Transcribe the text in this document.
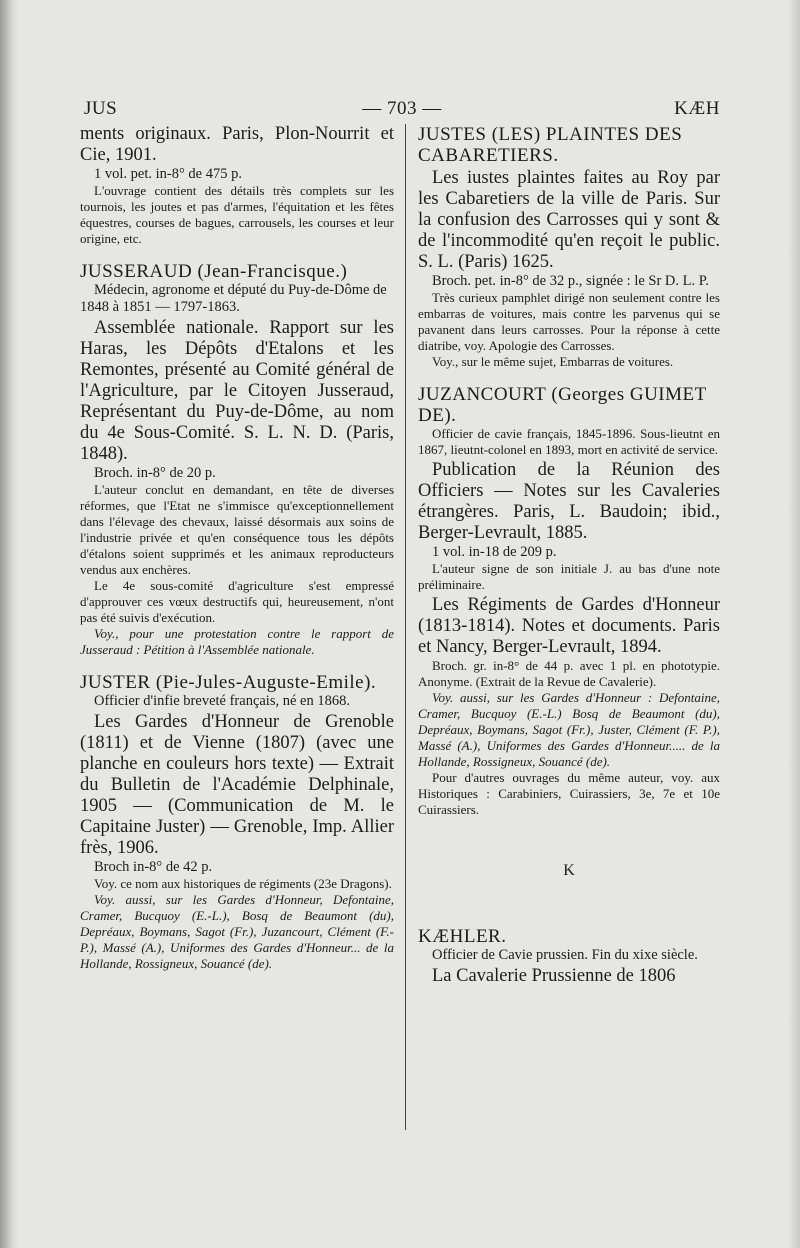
JUS	— 703 —	KÆH
ments originaux. Paris, Plon-Nourrit et Cie, 1901.
1 vol. pet. in-8° de 475 p.
L'ouvrage contient des détails très complets sur les tournois, les joutes et pas d'armes, l'équitation et les fêtes équestres, courses de bagues, carrousels, les courses et leur origine, etc.
JUSSERAUD (Jean-Francisque.)
Médecin, agronome et député du Puy-de-Dôme de 1848 à 1851 — 1797-1863.
Assemblée nationale. Rapport sur les Haras, les Dépôts d'Etalons et les Remontes, présenté au Comité général de l'Agriculture, par le Citoyen Jusseraud, Représentant du Puy-de-Dôme, au nom du 4e Sous-Comité. S. L. N. D. (Paris, 1848).
Broch. in-8° de 20 p.
L'auteur conclut en demandant, en tête de diverses réformes, que l'Etat ne s'immisce qu'exceptionnellement dans l'élevage des chevaux, laissé désormais aux soins de l'industrie privée et qu'en conséquence tous les dépôts d'étalons soient supprimés et les animaux reproducteurs vendus aux enchères.
Le 4e sous-comité d'agriculture s'est empressé d'approuver ces vœux destructifs qui, heureusement, n'ont pas été suivis d'exécution.
Voy., pour une protestation contre le rapport de Jusseraud : Pétition à l'Assemblée nationale.
JUSTER (Pie-Jules-Auguste-Emile).
Officier d'infie breveté français, né en 1868.
Les Gardes d'Honneur de Grenoble (1811) et de Vienne (1807) (avec une planche en couleurs hors texte) — Extrait du Bulletin de l'Académie Delphinale, 1905 — (Communication de M. le Capitaine Juster) — Grenoble, Imp. Allier frès, 1906.
Broch in-8° de 42 p.
Voy. ce nom aux historiques de régiments (23e Dragons).
Voy. aussi, sur les Gardes d'Honneur, Defontaine, Cramer, Bucquoy (E.-L.), Bosq de Beaumont (du), Depréaux, Boymans, Sagot (Fr.), Juzancourt, Clément (F.-P.), Massé (A.), Uniformes des Gardes d'Honneur... de la Hollande, Rossigneux, Souancé (de).
JUSTES (LES) PLAINTES DES CABARETIERS.
Les iustes plaintes faites au Roy par les Cabaretiers de la ville de Paris. Sur la confusion des Carrosses qui y sont & de l'incommodité qu'en reçoit le public. S. L. (Paris) 1625.
Broch. pet. in-8° de 32 p., signée : le Sr D. L. P.
Très curieux pamphlet dirigé non seulement contre les embarras de voitures, mais contre les parvenus qui se pavanent dans leurs carrosses. Pour la réponse à cette diatribe, voy. Apologie des Carrosses.
Voy., sur le même sujet, Embarras de voitures.
JUZANCOURT (Georges GUIMET DE).
Officier de cavie français, 1845-1896. Sous-lieutnt en 1867, lieutnt-colonel en 1893, mort en activité de service.
Publication de la Réunion des Officiers — Notes sur les Cavaleries étrangères. Paris, L. Baudoin; ibid., Berger-Levrault, 1885.
1 vol. in-18 de 209 p.
L'auteur signe de son initiale J. au bas d'une note préliminaire.
Les Régiments de Gardes d'Honneur (1813-1814). Notes et documents. Paris et Nancy, Berger-Levrault, 1894.
Broch. gr. in-8° de 44 p. avec 1 pl. en phototypie. Anonyme. (Extrait de la Revue de Cavalerie).
Voy. aussi, sur les Gardes d'Honneur : Defontaine, Cramer, Bucquoy (E.-L.) Bosq de Beaumont (du), Depréaux, Boymans, Sagot (Fr.), Juster, Clément (F. P.), Massé (A.), Uniformes des Gardes d'Honneur..... de la Hollande, Rossigneux, Souancé (de).
Pour d'autres ouvrages du même auteur, voy. aux Historiques : Carabiniers, Cuirassiers, 3e, 7e et 10e Cuirassiers.
K
KÆHLER.
Officier de Cavie prussien. Fin du xixe siècle.
La Cavalerie Prussienne de 1806
